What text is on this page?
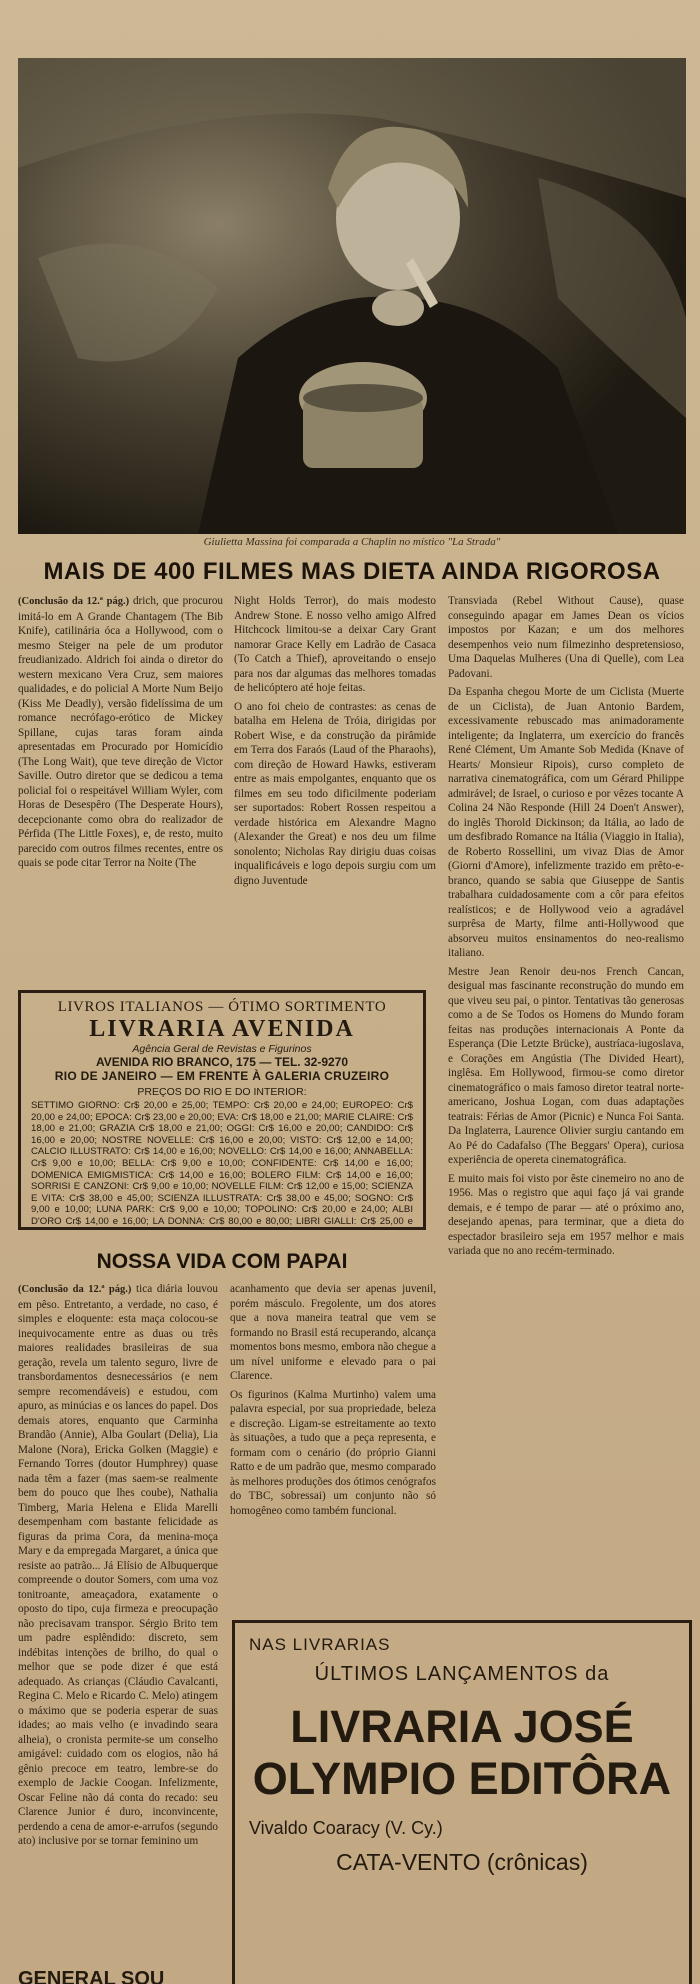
Giulietta Massina foi comparada a Chaplin no místico "La Strada"
MAIS DE 400 FILMES MAS DIETA AINDA RIGOROSA

(Conclusão da 12.ª pág.) drich, que procurou imitá-lo em A Grande Chantagem (The Bib Knife), catilinária óca a Hollywood, com o mesmo Steiger na pele de um produtor freudianizado. Aldrich foi ainda o diretor do western mexicano Vera Cruz, sem maiores qualidades, e do policial A Morte Num Beijo (Kiss Me Deadly), versão fidelíssima de um romance necrófago-erótico de Mickey Spillane, cujas taras foram ainda apresentadas em Procurado por Homicídio (The Long Wait), que teve direção de Victor Saville. Outro diretor que se dedicou a tema policial foi o respeitável William Wyler, com Horas de Desespêro (The Desperate Hours), decepcionante como obra do realizador de Pérfida (The Little Foxes), e, de resto, muito parecido com outros filmes recentes, entre os quais se pode citar Terror na Noite (The

Night Holds Terror), do mais modesto Andrew Stone. E nosso velho amigo Alfred Hitchcock limitou-se a deixar Cary Grant namorar Grace Kelly em Ladrão de Casaca (To Catch a Thief), aproveitando o ensejo para nos dar algumas das melhores tomadas de helicóptero até hoje feitas.

O ano foi cheio de contrastes: as cenas de batalha em Helena de Tróia, dirigidas por Robert Wise, e da construção da pirâmide em Terra dos Faraós (Laud of the Pharaohs), com direção de Howard Hawks, estiveram entre as mais empolgantes, enquanto que os filmes em seu todo dificilmente poderiam ser suportados: Robert Rossen respeitou a verdade histórica em Alexandre Magno (Alexander the Great) e nos deu um filme sonolento; Nicholas Ray dirigiu duas coisas inqualificáveis e logo depois surgiu com um digno Juventude

Transviada (Rebel Without Cause), quase conseguindo apagar em James Dean os vícios impostos por Kazan; e um dos melhores desempenhos veio num filmezinho despretensioso, Uma Daquelas Mulheres (Una di Quelle), com Lea Padovani.

Da Espanha chegou Morte de um Ciclista (Muerte de un Ciclista), de Juan Antonio Bardem, excessivamente rebuscado mas animadoramente inteligente; da Inglaterra, um exercício do francês René Clément, Um Amante Sob Medida (Knave of Hearts/ Monsieur Ripois), curso completo de narrativa cinematográfica, com um Gérard Philippe admirável; de Israel, o curioso e por vêzes tocante A Colina 24 Não Responde (Hill 24 Doen't Answer), do inglês Thorold Dickinson; da Itália, ao lado de um desfibrado Romance na Itália (Viaggio in Italia), de Roberto Rossellini, um vivaz Dias de Amor (Giorni d'Amore), infelizmente trazido em prêto-e-branco, quando se sabia que Giuseppe de Santis trabalhara cuidadosamente com a côr para efeitos realísticos; e de Hollywood veio a agradável surprêsa de Marty, filme anti-Hollywood que absorveu muitos ensinamentos do neo-realismo italiano.

Mestre Jean Renoir deu-nos French Cancan, desigual mas fascinante reconstrução do mundo em que viveu seu pai, o pintor. Tentativas tão generosas como a de Se Todos os Homens do Mundo foram feitas nas produções internacionais A Ponte da Esperança (Die Letzte Brücke), austríaca-iugoslava, e Corações em Angústia (The Divided Heart), inglêsa. Em Hollywood, firmou-se como diretor cinematográfico o mais famoso diretor teatral norte-americano, Joshua Logan, com duas adaptações teatrais: Férias de Amor (Picnic) e Nunca Foi Santa. Da Inglaterra, Laurence Olivier surgiu cantando em Ao Pé do Cadafalso (The Beggars' Opera), curiosa experiência de opereta cinematográfica.

E muito mais foi visto por êste cinemeiro no ano de 1956. Mas o registro que aqui faço já vai grande demais, e é tempo de parar — até o próximo ano, desejando apenas, para terminar, que a dieta do espectador brasileiro seja em 1957 melhor e mais variada que no ano recém-terminado.

LIVROS ITALIANOS — ÓTIMO SORTIMENTO
LIVRARIA AVENIDA
Agência Geral de Revistas e Figurinos
AVENIDA RIO BRANCO, 175 — TEL. 32-9270
RIO DE JANEIRO — EM FRENTE À GALERIA CRUZEIRO
PREÇOS DO RIO E DO INTERIOR:
SETTIMO GIORNO: Cr$ 20,00 e 25,00; TEMPO: Cr$ 20,00 e 24,00; EUROPEO: Cr$ 20,00 e 24,00; EPOCA: Cr$ 23,00 e 20,00; EVA: Cr$ 18,00 e 21,00; MARIE CLAIRE: Cr$ 18,00 e 21,00; GRAZIA Cr$ 18,00 e 21,00; OGGI: Cr$ 16,00 e 20,00; CANDIDO: Cr$ 16,00 e 20,00; NOSTRE NOVELLE: Cr$ 16,00 e 20,00; VISTO: Cr$ 12,00 e 14,00; CALCIO ILLUSTRATO: Cr$ 14,00 e 16,00; NOVELLO: Cr$ 14,00 e 16,00; ANNABELLA: Cr$ 9,00 e 10,00; BELLA: Cr$ 9,00 e 10,00; CONFIDENTE: Cr$ 14,00 e 16,00; DOMENICA EMIGMISTICA: Cr$ 14,00 e 16,00; BOLERO FILM: Cr$ 14,00 e 16,00; SORRISI E CANZONI: Cr$ 9,00 e 10,00; NOVELLE FILM: Cr$ 12,00 e 15,00; SCIENZA E VITA: Cr$ 38,00 e 45,00; SCIENZA ILLUSTRATA: Cr$ 38,00 e 45,00; SOGNO: Cr$ 9,00 e 10,00; LUNA PARK: Cr$ 9,00 e 10,00; TOPOLINO: Cr$ 20,00 e 24,00; ALBI D'ORO Cr$ 14,00 e 16,00; LA DONNA: Cr$ 80,00 e 80,00; LIBRI GIALLI: Cr$ 25,00 e
NOSSA VIDA COM PAPAI

(Conclusão da 12.ª pág.) tica diária louvou em pêso. Entretanto, a verdade, no caso, é simples e eloquente: esta maça colocou-se inequivocamente entre as duas ou três maiores realidades brasileiras de sua geração, revela um talento seguro, livre de transbordamentos desnecessários (e nem sempre recomendáveis) e estudou, com apuro, as minúcias e os lances do papel. Dos demais atores, enquanto que Carminha Brandão (Annie), Alba Goulart (Delia), Lia Malone (Nora), Ericka Golken (Maggie) e Fernando Torres (doutor Humphrey) quase nada têm a fazer (mas saem-se realmente bem do pouco que lhes coube), Nathalia Timberg, Maria Helena e Elida Marelli desempenham com bastante felicidade as figuras da prima Cora, da menina-moça Mary e da empregada Margaret, a única que resiste ao patrão... Já Elísio de Albuquerque compreende o doutor Somers, com uma voz tonitroante, ameaçadora, exatamente o oposto do tipo, cuja firmeza e preocupação não precisavam transpor. Sérgio Brito tem um padre esplêndido: discreto, sem indébitas intenções de brilho, do qual o melhor que se pode dizer é que está adequado. As crianças (Cláudio Cavalcanti, Regina C. Melo e Ricardo C. Melo) atingem o máximo que se poderia esperar de suas idades; ao mais velho (e invadindo seara alheia), o cronista permite-se um conselho amigável: cuidado com os elogios, não há gênio precoce em teatro, lembre-se do exemplo de Jackie Coogan. Infelizmente, Oscar Feline não dá conta do recado: seu Clarence Junior é duro, inconvincente, perdendo a cena de amor-e-arrufos (segundo ato) inclusive por se tornar feminino um

acanhamento que devia ser apenas juvenil, porém másculo. Fregolente, um dos atores que a nova maneira teatral que vem se formando no Brasil está recuperando, alcança momentos bons mesmo, embora não chegue a um nível uniforme e elevado para o pai Clarence.

Os figurinos (Kalma Murtinho) valem uma palavra especial, por sua propriedade, beleza e discreção. Ligam-se estreitamente ao texto às situações, a tudo que a peça representa, e formam com o cenário (do próprio Gianni Ratto e de um padrão que, mesmo comparado às melhores produções dos ótimos cenógrafos do TBC, sobressai) um conjunto não só homogêneo como também funcional.

NAS LIVRARIAS
ÚLTIMOS LANÇAMENTOS da
LIVRARIA JOSÉ
OLYMPIO EDITÔRA
Vivaldo Coaracy (V. Cy.)
CATA-VENTO (crônicas)
GENERAL SOU
